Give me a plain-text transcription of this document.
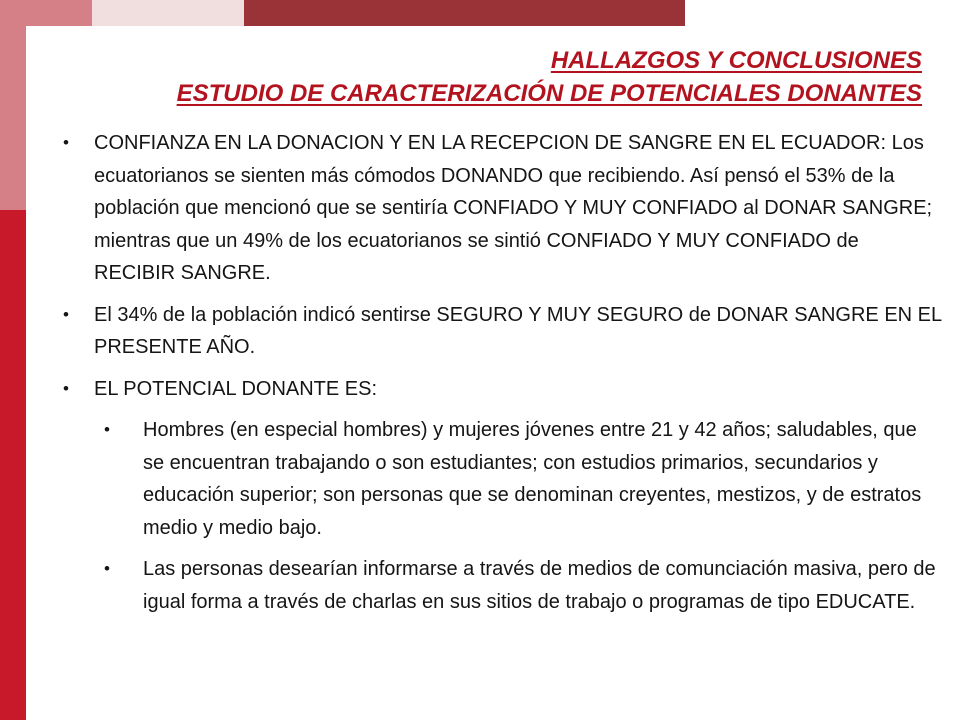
HALLAZGOS Y CONCLUSIONES
ESTUDIO DE CARACTERIZACIÓN DE POTENCIALES DONANTES
• CONFIANZA EN LA DONACION Y EN LA RECEPCION DE SANGRE EN EL ECUADOR: Los ecuatorianos se sienten más cómodos DONANDO que recibiendo. Así pensó el 53% de la población que mencionó que se sentiría CONFIADO Y MUY CONFIADO al DONAR SANGRE; mientras que un 49% de los ecuatorianos se sintió CONFIADO Y MUY CONFIADO de RECIBIR SANGRE.
• El 34% de la población indicó sentirse SEGURO Y MUY SEGURO de DONAR SANGRE EN EL PRESENTE AÑO.
• EL POTENCIAL DONANTE ES:
• Hombres (en especial hombres) y mujeres jóvenes entre 21 y 42 años; saludables, que se encuentran trabajando o son estudiantes; con estudios primarios, secundarios y educación superior; son personas que se denominan creyentes, mestizos, y de estratos medio y medio bajo.
• Las personas desearían informarse a través de medios de comunciación masiva, pero de igual forma a través de charlas en sus sitios de trabajo o programas de tipo EDUCATE.
